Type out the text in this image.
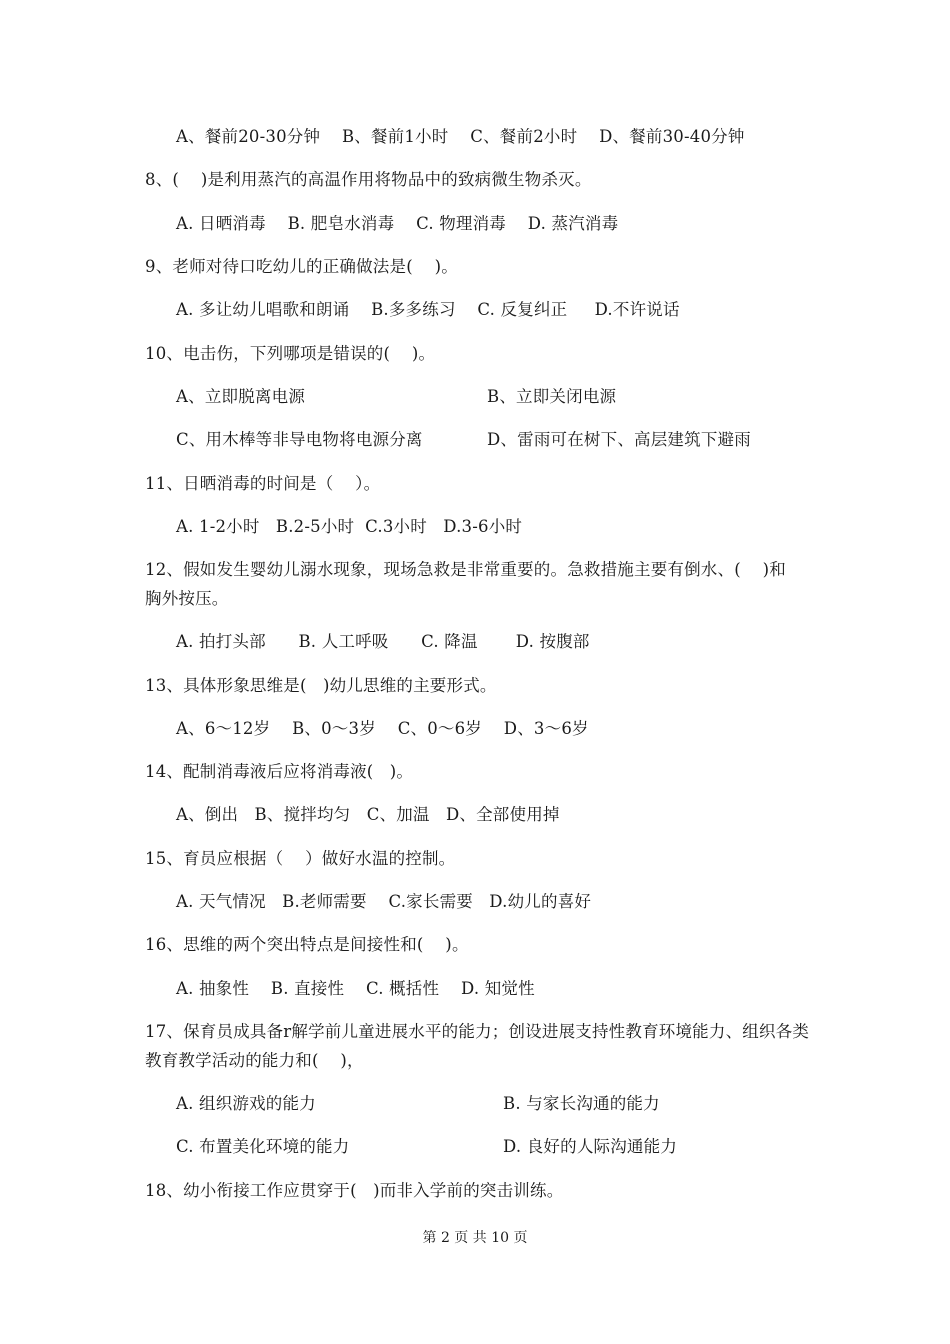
A、餐前20-30分钟    B、餐前1小时    C、餐前2小时    D、餐前30-40分钟
8、(    )是利用蒸汽的高温作用将物品中的致病微生物杀灭。
A. 日晒消毒    B. 肥皂水消毒    C. 物理消毒    D. 蒸汽消毒
9、老师对待口吃幼儿的正确做法是(    )。
A. 多让幼儿唱歌和朗诵    B.多多练习    C. 反复纠正     D.不许说话
10、电击伤，下列哪项是错误的(    )。
A、立即脱离电源	B、立即关闭电源
C、用木棒等非导电物将电源分离	D、雷雨可在树下、高层建筑下避雨
11、日晒消毒的时间是（    ）。
A. 1-2小时   B.2-5小时  C.3小时   D.3-6小时
12、假如发生婴幼儿溺水现象，现场急救是非常重要的。急救措施主要有倒水、(    )和
胸外按压。
A. 拍打头部      B. 人工呼吸      C. 降温       D. 按腹部
13、具体形象思维是(   )幼儿思维的主要形式。
A、6～12岁    B、0～3岁    C、0～6岁    D、3～6岁
14、配制消毒液后应将消毒液(   )。
A、倒出   B、搅拌均匀   C、加温   D、全部使用掉
15、育员应根据（    ）做好水温的控制。
A. 天气情况   B.老师需要    C.家长需要   D.幼儿的喜好
16、思维的两个突出特点是间接性和(    )。
A. 抽象性    B. 直接性    C. 概括性    D. 知觉性
17、保育员成具备r解学前儿童进展水平的能力；创设进展支持性教育环境能力、组织各类
教育教学活动的能力和(    )，
A. 组织游戏的能力	B. 与家长沟通的能力
C. 布置美化环境的能力	D. 良好的人际沟通能力
18、幼小衔接工作应贯穿于(   )而非入学前的突击训练。
第 2 页 共 10 页
